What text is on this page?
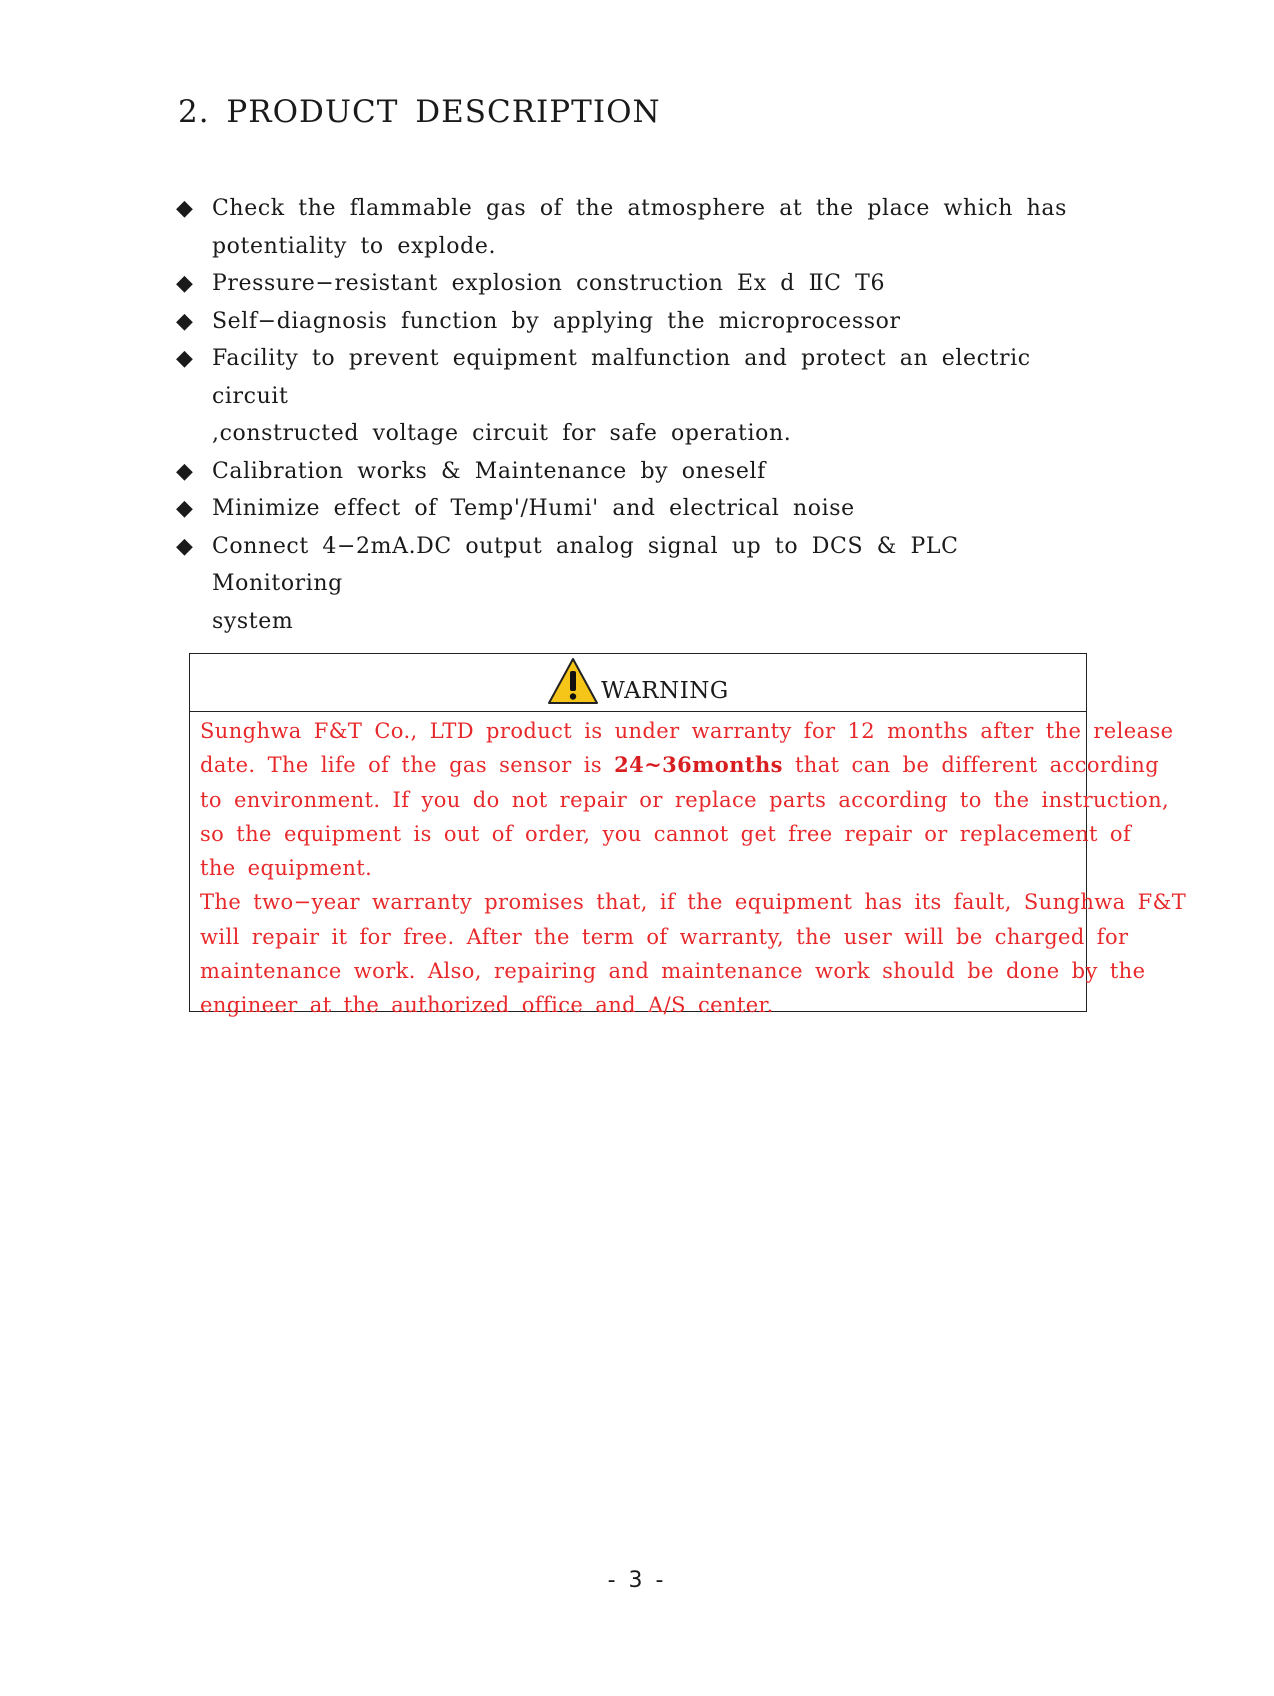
2. PRODUCT DESCRIPTION
◆ Check the flammable gas of the atmosphere at the place which has
potentiality to explode.
◆ Pressure−resistant explosion construction Ex d ⅡC T6
◆ Self−diagnosis function by applying the microprocessor
◆ Facility to prevent equipment malfunction and protect an electric circuit
,constructed voltage circuit for safe operation.
◆ Calibration works & Maintenance by oneself
◆ Minimize effect of Temp'/Humi' and electrical noise
◆ Connect 4−2mA.DC output analog signal up to DCS & PLC Monitoring
system
WARNING
Sunghwa F&T Co., LTD product is under warranty for 12 months after the release
date. The life of the gas sensor is 24~36months that can be different according
to environment. If you do not repair or replace parts according to the instruction,
so the equipment is out of order, you cannot get free repair or replacement of
the equipment.
The two−year warranty promises that, if the equipment has its fault, Sunghwa F&T
will repair it for free. After the term of warranty, the user will be charged for
maintenance work. Also, repairing and maintenance work should be done by the
engineer at the authorized office and A/S center.
- 3 -
